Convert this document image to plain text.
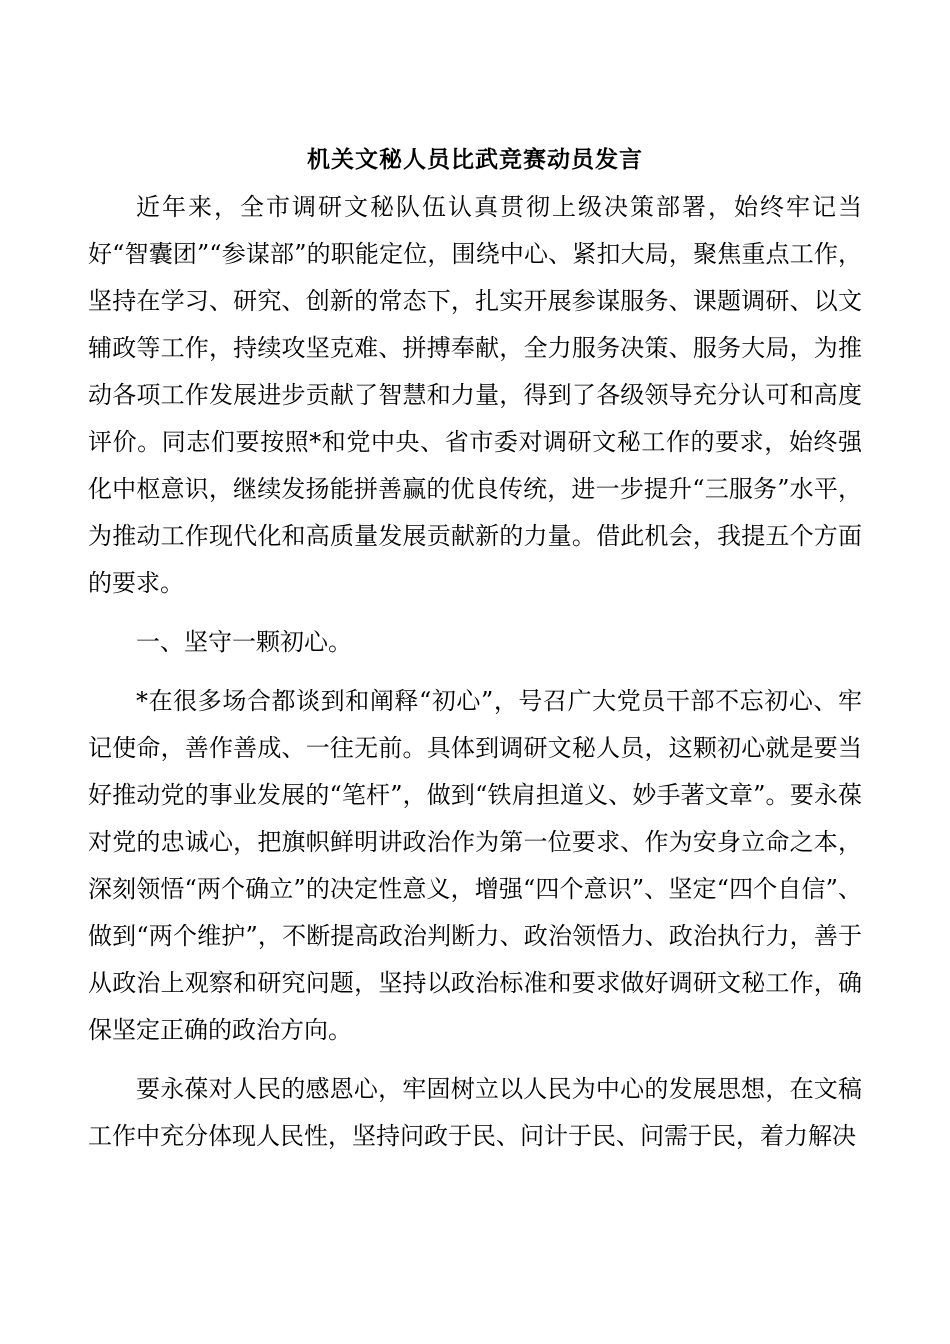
机关文秘人员比武竞赛动员发言

近年来，全市调研文秘队伍认真贯彻上级决策部署，始终牢记当好“智囊团”“参谋部”的职能定位，围绕中心、紧扣大局，聚焦重点工作，坚持在学习、研究、创新的常态下，扎实开展参谋服务、课题调研、以文辅政等工作，持续攻坚克难、拼搏奉献，全力服务决策、服务大局，为推动各项工作发展进步贡献了智慧和力量，得到了各级领导充分认可和高度评价。同志们要按照*和党中央、省市委对调研文秘工作的要求，始终强化中枢意识，继续发扬能拼善赢的优良传统，进一步提升“三服务”水平，为推动工作现代化和高质量发展贡献新的力量。借此机会，我提五个方面的要求。

一、坚守一颗初心。

*在很多场合都谈到和阐释“初心”，号召广大党员干部不忘初心、牢记使命，善作善成、一往无前。具体到调研文秘人员，这颗初心就是要当好推动党的事业发展的“笔杆”，做到“铁肩担道义、妙手著文章”。要永葆对党的忠诚心，把旗帜鲜明讲政治作为第一位要求、作为安身立命之本，深刻领悟“两个确立”的决定性意义，增强“四个意识”、坚定“四个自信”、做到“两个维护”，不断提高政治判断力、政治领悟力、政治执行力，善于从政治上观察和研究问题，坚持以政治标准和要求做好调研文秘工作，确保坚定正确的政治方向。

要永葆对人民的感恩心，牢固树立以人民为中心的发展思想，在文稿工作中充分体现人民性，坚持问政于民、问计于民、问需于民，着力解决
